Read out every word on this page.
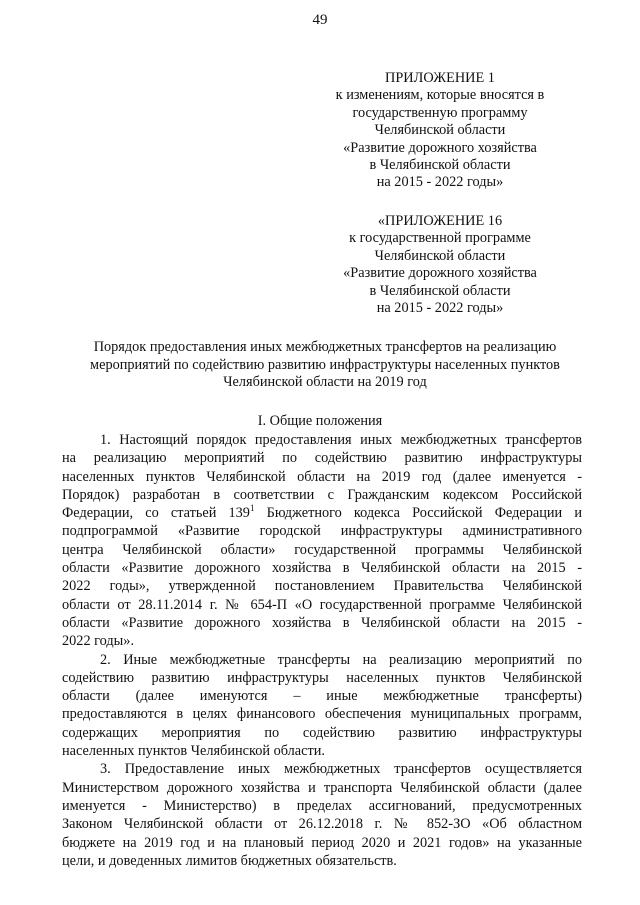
49
ПРИЛОЖЕНИЕ 1
к изменениям, которые вносятся в
государственную программу
Челябинской области
«Развитие дорожного хозяйства
в Челябинской области
на 2015 - 2022 годы»
«ПРИЛОЖЕНИЕ 16
к государственной программе
Челябинской области
«Развитие дорожного хозяйства
в Челябинской области
на 2015 - 2022 годы»
Порядок предоставления иных межбюджетных трансфертов на реализацию
мероприятий по содействию развитию инфраструктуры населенных пунктов
Челябинской области на 2019 год
I. Общие положения
1. Настоящий порядок предоставления иных межбюджетных трансфертов
на реализацию мероприятий по содействию развитию инфраструктуры
населенных пунктов Челябинской области на 2019 год (далее именуется -
Порядок) разработан в соответствии с Гражданским кодексом Российской
Федерации, со статьей $139^1$ Бюджетного кодекса Российской Федерации и
подпрограммой «Развитие городской инфраструктуры административного
центра Челябинской области» государственной программы Челябинской
области «Развитие дорожного хозяйства в Челябинской области на 2015 -
2022 годы», утвержденной постановлением Правительства Челябинской
области от 28.11.2014 г. № 654-П «О государственной программе Челябинской
области «Развитие дорожного хозяйства в Челябинской области на 2015 -
2022 годы».
2. Иные межбюджетные трансферты на реализацию мероприятий по
содействию развитию инфраструктуры населенных пунктов Челябинской
области (далее именуются – иные межбюджетные трансферты)
предоставляются в целях финансового обеспечения муниципальных программ,
содержащих мероприятия по содействию развитию инфраструктуры
населенных пунктов Челябинской области.
3. Предоставление иных межбюджетных трансфертов осуществляется
Министерством дорожного хозяйства и транспорта Челябинской области (далее
именуется - Министерство) в пределах ассигнований, предусмотренных
Законом Челябинской области от 26.12.2018 г. № 852-ЗО «Об областном
бюджете на 2019 год и на плановый период 2020 и 2021 годов» на указанные
цели, и доведенных лимитов бюджетных обязательств.
